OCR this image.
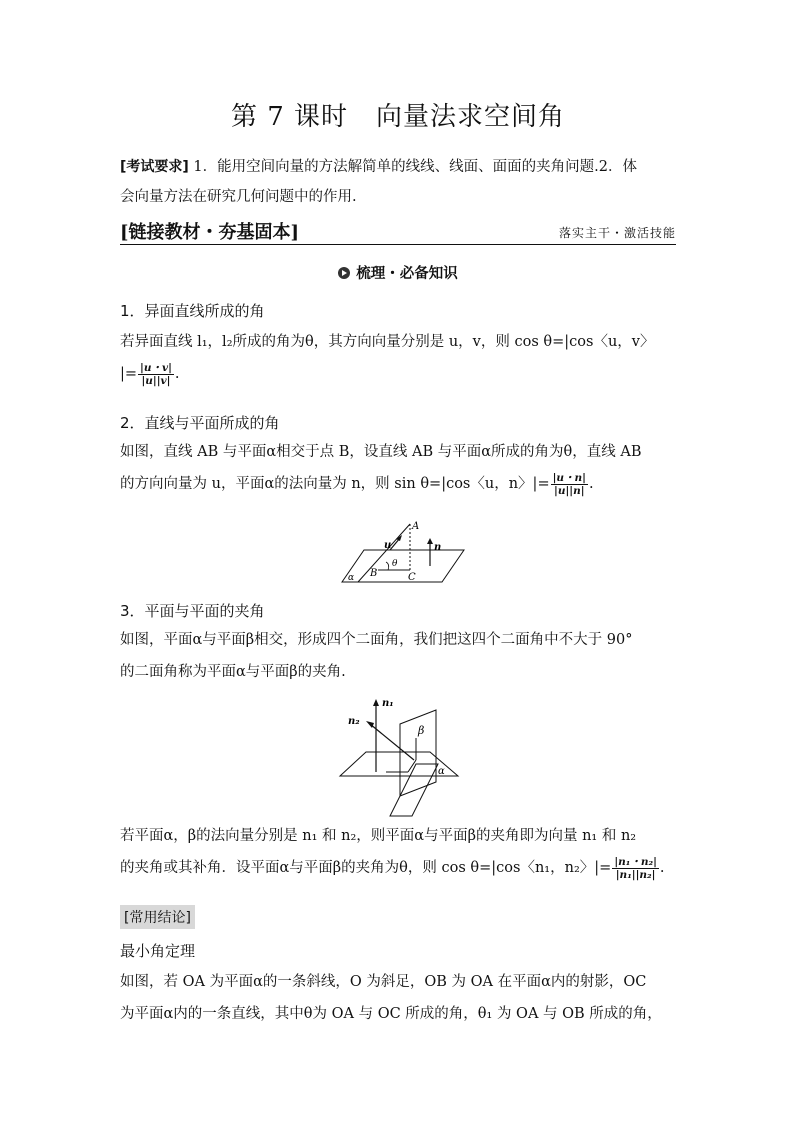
第 7 课时 向量法求空间角
[考试要求] 1．能用空间向量的方法解简单的线线、线面、面面的夹角问题.2．体
会向量方法在研究几何问题中的作用.
[链接教材・夯基固本]	落实主干・激活技能
梳理・必备知识
1．异面直线所成的角
若异面直线 l₁，l₂所成的角为θ，其方向向量分别是 u，v，则 cos θ=|cos〈u，v〉
|= $\frac{|u・v|}{|u||v|}$ .
2．直线与平面所成的角
如图，直线 AB 与平面α相交于点 B，设直线 AB 与平面α所成的角为θ，直线 AB
的方向向量为 u，平面α的法向量为 n，则 sin θ=|cos〈u，n〉|= $\frac{|u・n|}{|u||n|}$ .
A
B	C
u	n
θ
α
3．平面与平面的夹角
如图，平面α与平面β相交，形成四个二面角，我们把这四个二面角中不大于 90°
的二面角称为平面α与平面β的夹角.
n₁
n₂
β
α
若平面α，β的法向量分别是 n₁ 和 n₂，则平面α与平面β的夹角即为向量 n₁ 和 n₂
的夹角或其补角．设平面α与平面β的夹角为θ，则 cos θ=|cos〈n₁，n₂〉|= $\frac{\text{|n₁・n₂|}}{\text{|n₁||n₂|}}$ .
[常用结论]
最小角定理
如图，若 OA 为平面α的一条斜线，O 为斜足，OB 为 OA 在平面α内的射影，OC
为平面α内的一条直线，其中θ为 OA 与 OC 所成的角，θ₁ 为 OA 与 OB 所成的角，
